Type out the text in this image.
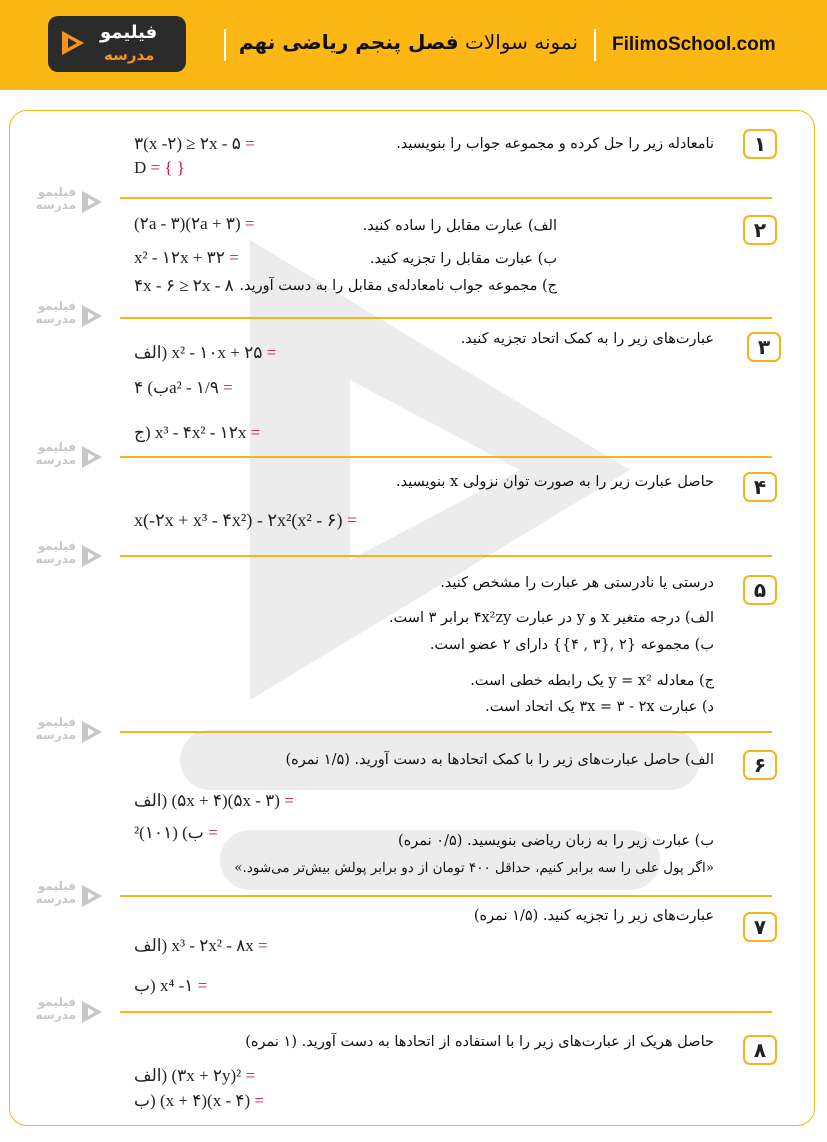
فیلیمو
مدرسه
نمونه سوالات فصل پنجم ریاضی نهم	FilimoSchool.com
فیلیمو
مدرسه
فیلیمو
مدرسه
فیلیمو
مدرسه
فیلیمو
مدرسه
فیلیمو
مدرسه
فیلیمو
مدرسه
فیلیمو
مدرسه
۱
نامعادله زیر را حل کرده و مجموعه جواب را بنویسید.
۳(x -۲) ≥ ۲x - ۵ =
D = { }
۲
الف) عبارت مقابل را ساده کنید.
ب) عبارت مقابل را تجزیه کنید.
ج) مجموعه جواب نامعادله‌ی مقابل را به دست آورید.
(۲a - ۳)(۲a + ۳) =
x² - ۱۲x + ۳۲ =
۴x - ۶ ≥ ۲x - ۸
۳
عبارت‌های زیر را به کمک اتحاد تجزیه کنید.
الف ) x² - ۱۰x + ۲۵ =
ب) ۴ a² - ۱/۹ =
ج) x³ - ۴x² - ۱۲x =
۴
حاصل عبارت زیر را به صورت توان نزولی x بنویسید.
x(-۲x + x³ - ۴x²) - ۲x²(x² - ۶) =
۵
درستی یا نادرستی هر عبارت را مشخص کنید.
الف) درجه متغیر x و y در عبارت ۴x²zy برابر ۳ است.
ب) مجموعه {۲ ,{۳ , ۴}} دارای ۲ عضو است.
ج) معادله y = x² یک رابطه خطی است.
د) عبارت ۳x = ۳ - ۲x یک اتحاد است.
۶
الف) حاصل عبارت‌های زیر را با کمک اتحادها به دست آورید. (۱/۵ نمره)
الف ) (۵x + ۴)(۵x - ۳) =
ب) (۱۰۱)²	=	ب) عبارت زیر را به زبان ریاضی بنویسید. (۰/۵ نمره)
«اگر پول علی را سه برابر کنیم، حداقل ۴۰۰ تومان از دو برابر پولش بیش‌تر می‌شود.»
۷
عبارت‌های زیر را تجزیه کنید. (۱/۵ نمره)
الف ) x³ - ۲x² - ۸x =
ب) x⁴ -۱ =
۸
حاصل هریک از عبارت‌های زیر را با استفاده از اتحادها به دست آورید. (۱ نمره)
الف ) (۳x + ۲y)² =
ب) (x + ۴)(x - ۴) =
